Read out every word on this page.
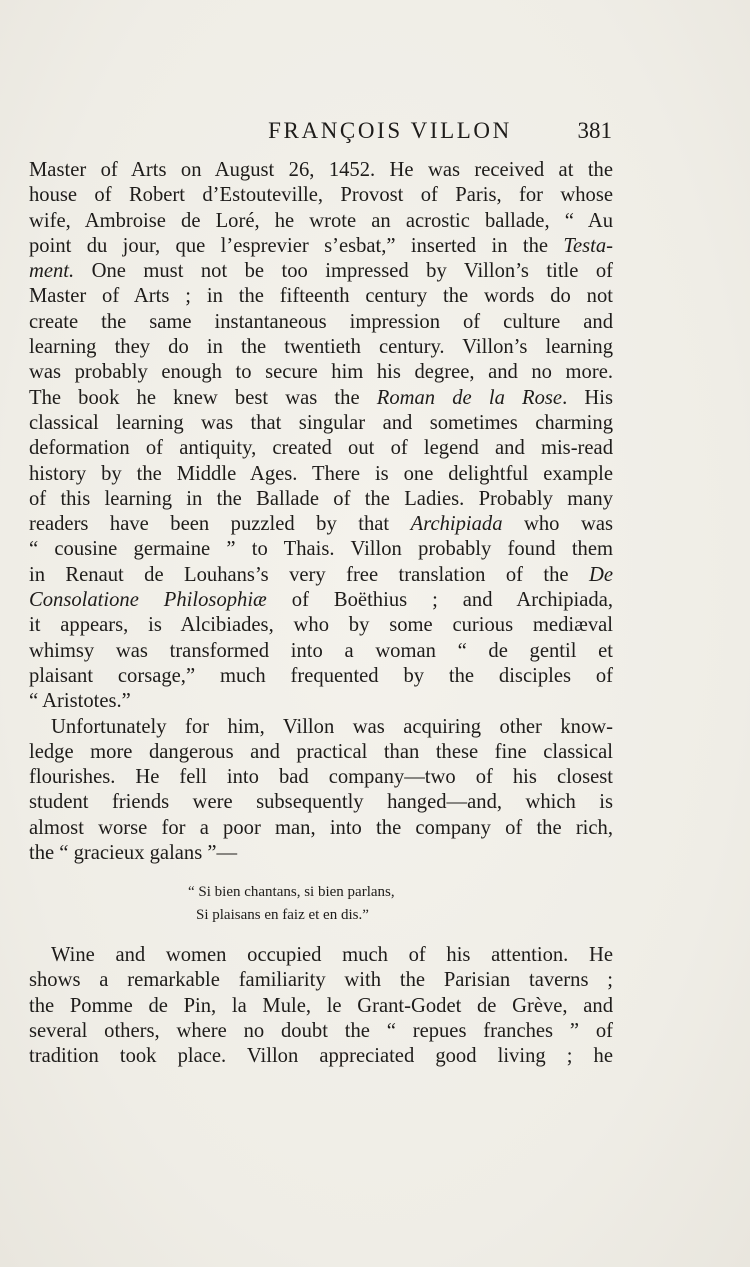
FRANÇOIS VILLON	381
Master of Arts on August 26, 1452. He was received at the
house of Robert d’Estouteville, Provost of Paris, for whose
wife, Ambroise de Loré, he wrote an acrostic ballade, “ Au
point du jour, que l’esprevier s’esbat,” inserted in the Testa-
ment. One must not be too impressed by Villon’s title of
Master of Arts ; in the fifteenth century the words do not
create the same instantaneous impression of culture and
learning they do in the twentieth century. Villon’s learning
was probably enough to secure him his degree, and no more.
The book he knew best was the Roman de la Rose. His
classical learning was that singular and sometimes charming
deformation of antiquity, created out of legend and mis-read
history by the Middle Ages. There is one delightful example
of this learning in the Ballade of the Ladies. Probably many
readers have been puzzled by that Archipiada who was
“ cousine germaine ” to Thais. Villon probably found them
in Renaut de Louhans’s very free translation of the De
Consolatione Philosophiæ of Boëthius ; and Archipiada,
it appears, is Alcibiades, who by some curious mediæval
whimsy was transformed into a woman “ de gentil et
plaisant corsage,” much frequented by the disciples of
“ Aristotes.”
Unfortunately for him, Villon was acquiring other know-
ledge more dangerous and practical than these fine classical
flourishes. He fell into bad company—two of his closest
student friends were subsequently hanged—and, which is
almost worse for a poor man, into the company of the rich,
the “ gracieux galans ”—
“ Si bien chantans, si bien parlans,
Si plaisans en faiz et en dis.”
Wine and women occupied much of his attention. He
shows a remarkable familiarity with the Parisian taverns ;
the Pomme de Pin, la Mule, le Grant-Godet de Grève, and
several others, where no doubt the “ repues franches ” of
tradition took place. Villon appreciated good living ; he
